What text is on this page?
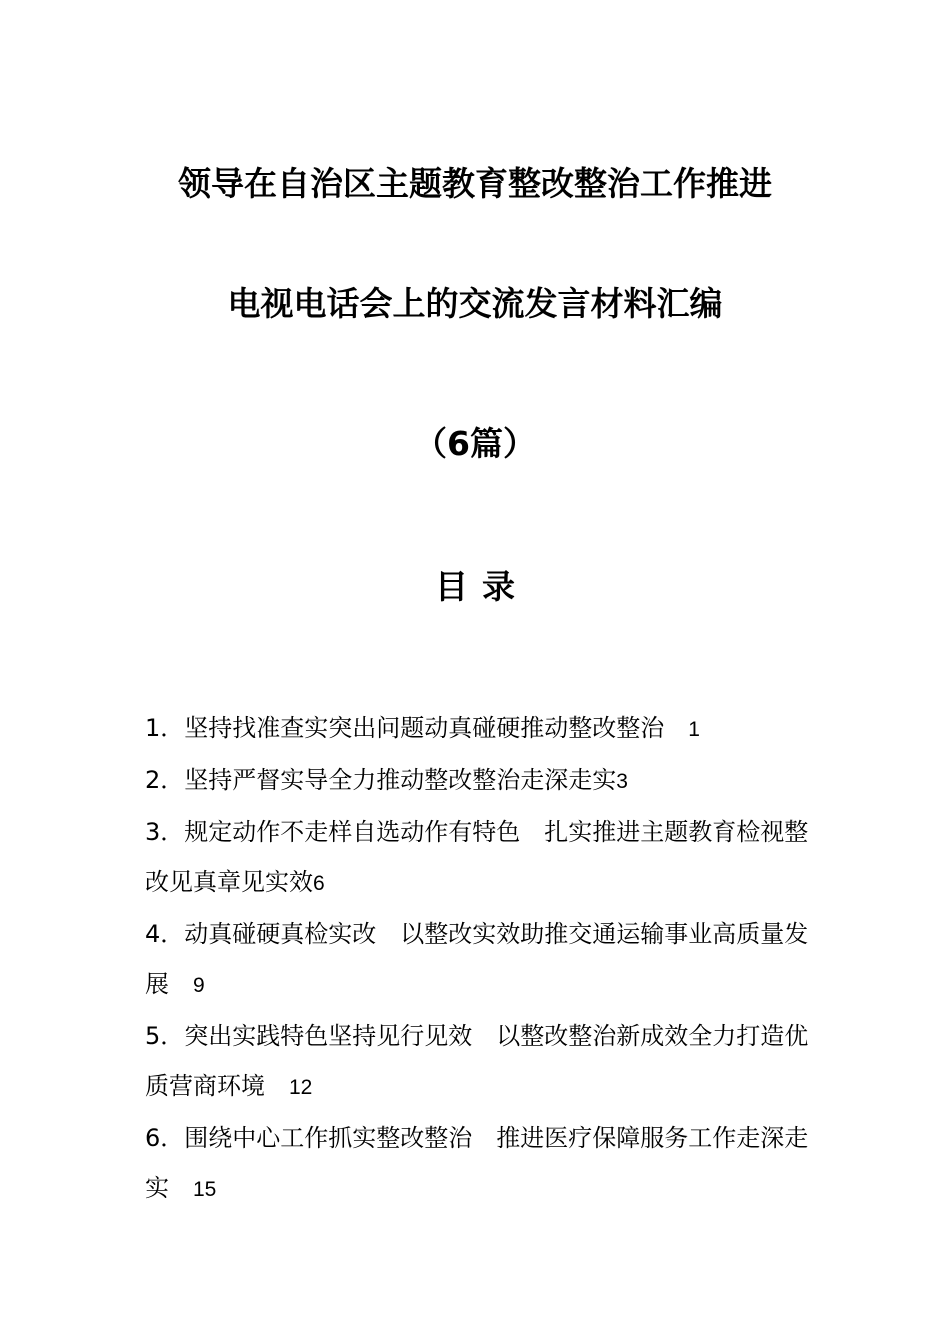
领导在自治区主题教育整改整治工作推进
电视电话会上的交流发言材料汇编
（6篇）
目录
1．坚持找准查实突出问题动真碰硬推动整改整治 1
2．坚持严督实导全力推动整改整治走深走实3
3．规定动作不走样自选动作有特色 扎实推进主题教育检视整改见真章见实效6
4．动真碰硬真检实改 以整改实效助推交通运输事业高质量发展 9
5．突出实践特色坚持见行见效 以整改整治新成效全力打造优质营商环境 12
6．围绕中心工作抓实整改整治 推进医疗保障服务工作走深走实 15
